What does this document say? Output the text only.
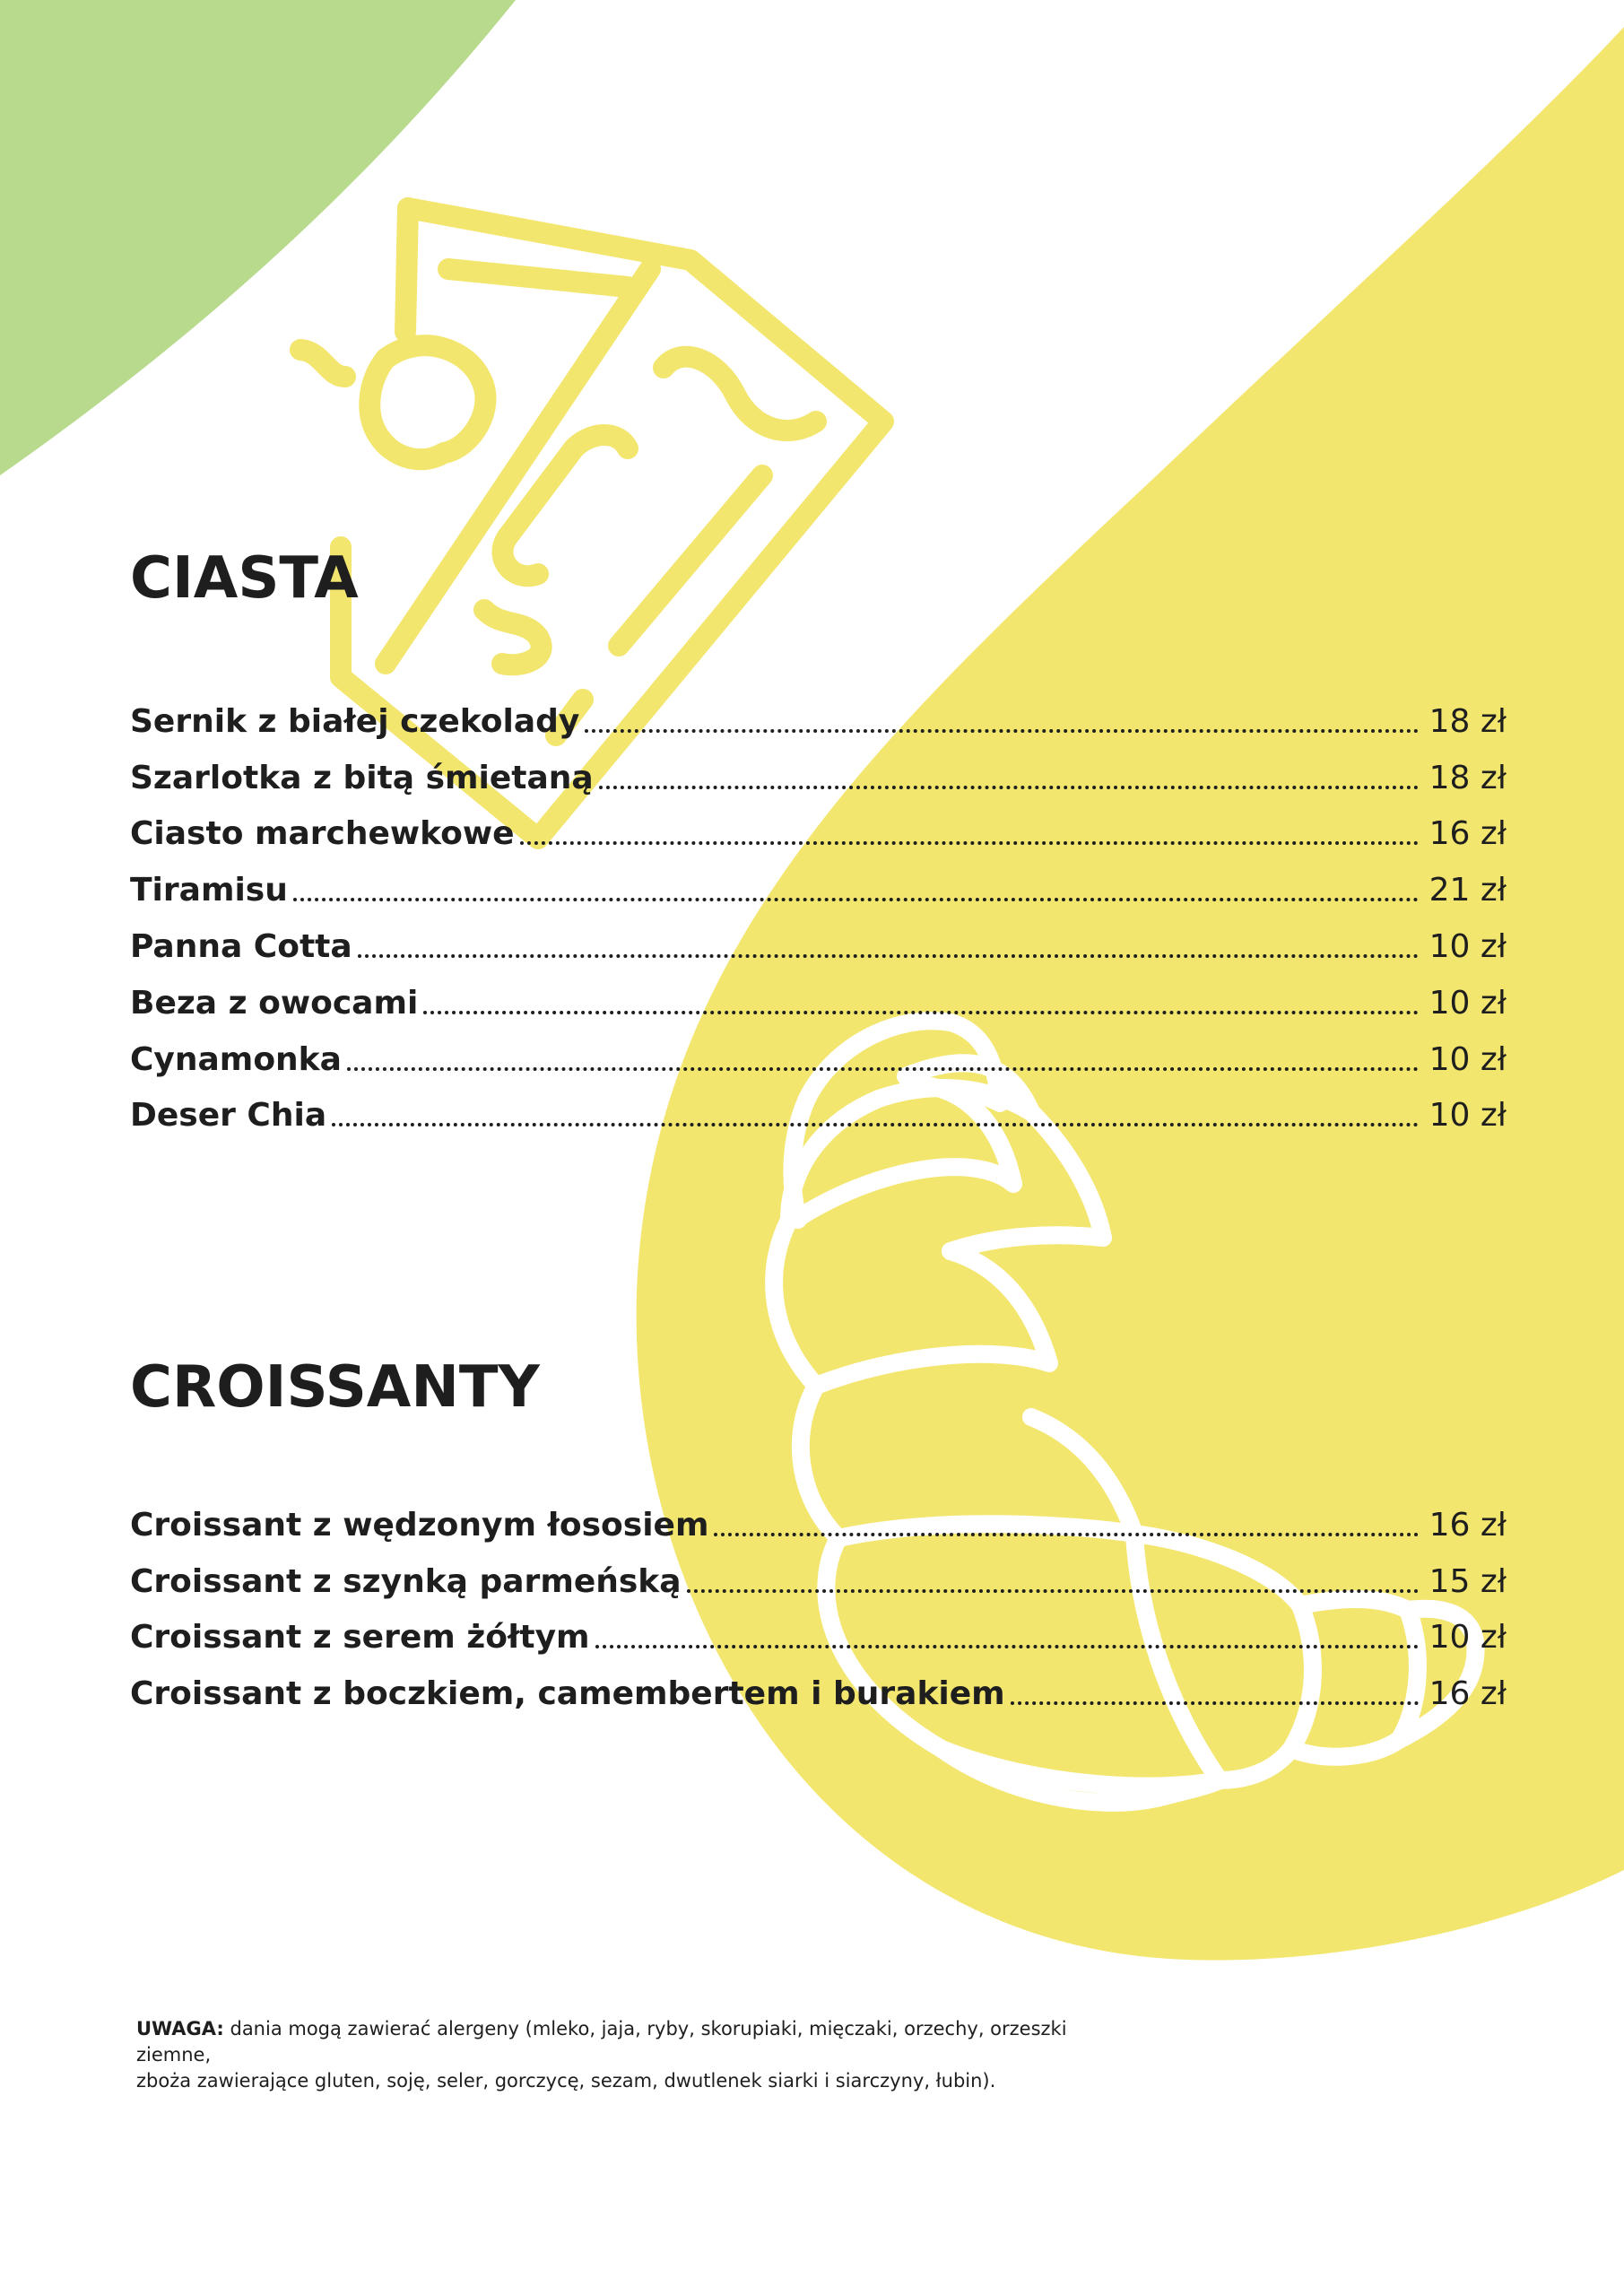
CIASTA
Sernik z białej czekolady	18 zł
Szarlotka z bitą śmietaną	18 zł
Ciasto marchewkowe	16 zł
Tiramisu	21 zł
Panna Cotta	10 zł
Beza z owocami	10 zł
Cynamonka	10 zł
Deser Chia	10 zł
CROISSANTY
Croissant z wędzonym łososiem	16 zł
Croissant z szynką parmeńską	15 zł
Croissant z serem żółtym	10 zł
Croissant z boczkiem, camembertem i burakiem	16 zł

UWAGA: dania mogą zawierać alergeny (mleko, jaja, ryby, skorupiaki, mięczaki, orzechy, orzeszki ziemne,
zboża zawierające gluten, soję, seler, gorczycę, sezam, dwutlenek siarki i siarczyny, łubin).
